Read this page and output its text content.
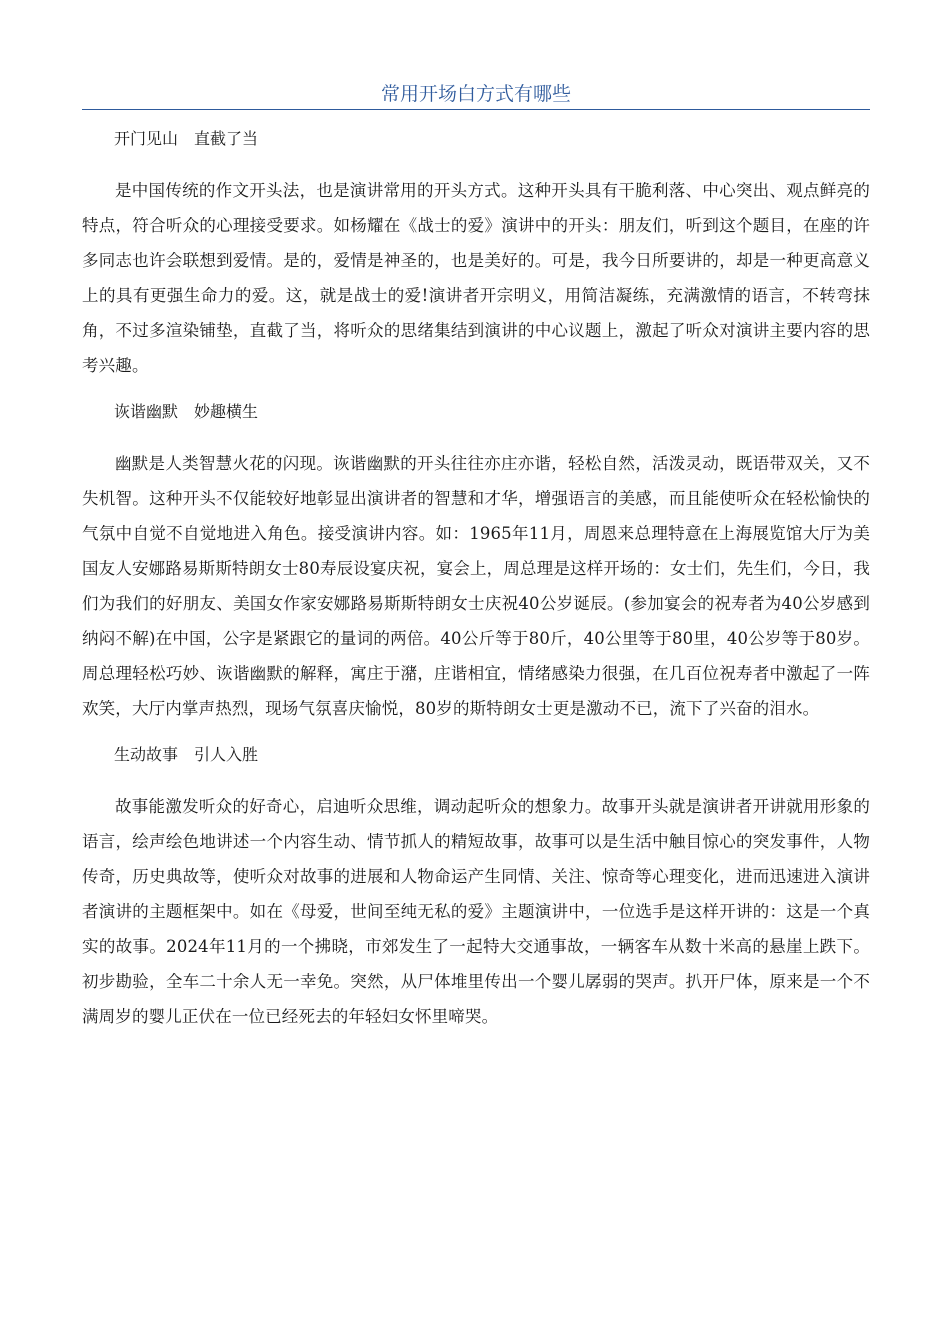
常用开场白方式有哪些

开门见山　直截了当

是中国传统的作文开头法，也是演讲常用的开头方式。这种开头具有干脆利落、中心突出、观点鲜亮的特点，符合听众的心理接受要求。如杨耀在《战士的爱》演讲中的开头：朋友们，听到这个题目，在座的许多同志也许会联想到爱情。是的，爱情是神圣的，也是美好的。可是，我今日所要讲的，却是一种更高意义上的具有更强生命力的爱。这，就是战士的爱!演讲者开宗明义，用简洁凝练，充满激情的语言，不转弯抹角，不过多渲染铺垫，直截了当，将听众的思绪集结到演讲的中心议题上，激起了听众对演讲主要内容的思考兴趣。

诙谐幽默　妙趣横生

幽默是人类智慧火花的闪现。诙谐幽默的开头往往亦庄亦谐，轻松自然，活泼灵动，既语带双关，又不失机智。这种开头不仅能较好地彰显出演讲者的智慧和才华，增强语言的美感，而且能使听众在轻松愉快的气氛中自觉不自觉地进入角色。接受演讲内容。如：1965年11月，周恩来总理特意在上海展览馆大厅为美国友人安娜路易斯斯特朗女士80寿辰设宴庆祝，宴会上，周总理是这样开场的：女士们，先生们，今日，我们为我们的好朋友、美国女作家安娜路易斯斯特朗女士庆祝40公岁诞辰。(参加宴会的祝寿者为40公岁感到纳闷不解)在中国，公字是紧跟它的量词的两倍。40公斤等于80斤，40公里等于80里，40公岁等于80岁。周总理轻松巧妙、诙谐幽默的解释，寓庄于潴，庄谐相宜，情绪感染力很强，在几百位祝寿者中激起了一阵欢笑，大厅内掌声热烈，现场气氛喜庆愉悦，80岁的斯特朗女士更是激动不已，流下了兴奋的泪水。

生动故事　引人入胜

故事能激发听众的好奇心，启迪听众思维，调动起听众的想象力。故事开头就是演讲者开讲就用形象的语言，绘声绘色地讲述一个内容生动、情节抓人的精短故事，故事可以是生活中触目惊心的突发事件，人物传奇，历史典故等，使听众对故事的进展和人物命运产生同情、关注、惊奇等心理变化，进而迅速进入演讲者演讲的主题框架中。如在《母爱，世间至纯无私的爱》主题演讲中，一位选手是这样开讲的：这是一个真实的故事。2024年11月的一个拂晓，市郊发生了一起特大交通事故，一辆客车从数十米高的悬崖上跌下。初步勘验，全车二十余人无一幸免。突然，从尸体堆里传出一个婴儿孱弱的哭声。扒开尸体，原来是一个不满周岁的婴儿正伏在一位已经死去的年轻妇女怀里啼哭。
